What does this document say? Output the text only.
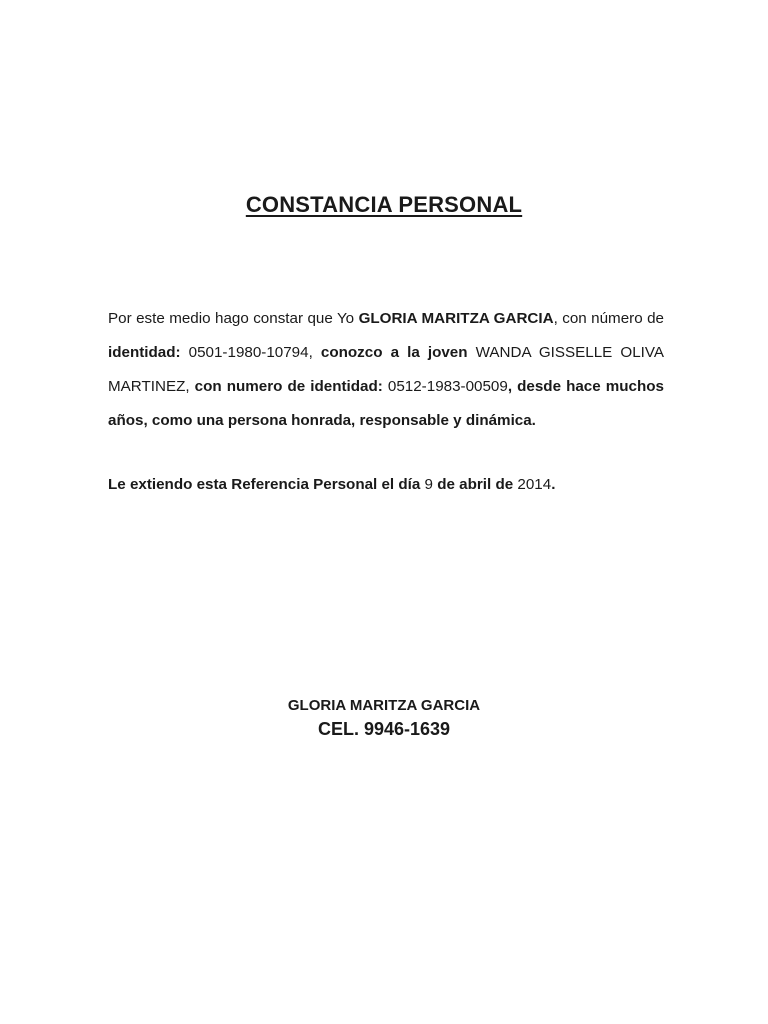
CONSTANCIA PERSONAL

Por este medio hago constar que Yo GLORIA MARITZA GARCIA, con número de identidad: 0501-1980-10794, conozco a la joven WANDA GISSELLE OLIVA MARTINEZ, con numero de identidad: 0512-1983-00509, desde hace muchos años, como una persona honrada, responsable y dinámica.

Le extiendo esta Referencia Personal el día 9 de abril de 2014.

GLORIA MARITZA GARCIA
CEL. 9946-1639
